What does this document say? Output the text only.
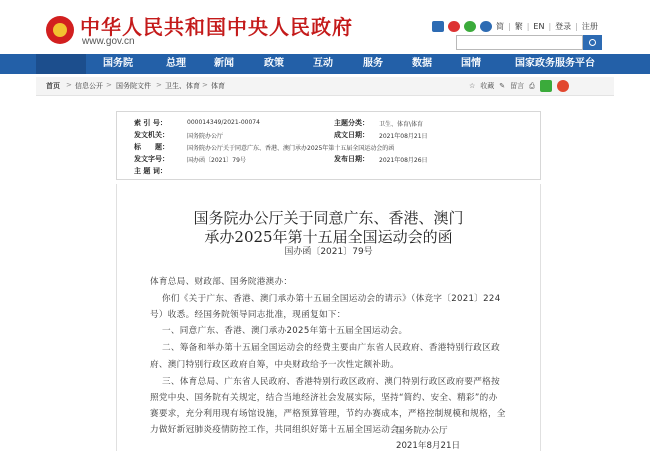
中华人民共和国中央人民政府
www.gov.cn
简 | 繁 | EN | 登录 | 注册
国务院	总理	新闻	政策	互动	服务	数据	国情	国家政务服务平台
首页 > 信息公开 > 国务院文件 > 卫生、体育 > 体育	☆ 收藏 ✎ 留言 ⎙
索 引 号：	000014349/2021-00074	主题分类： 卫生、体育\体育
发文机关：	国务院办公厅	成文日期： 2021年08月21日
标　　题：	国务院办公厅关于同意广东、香港、澳门承办2025年第十五届全国运动会的函
发文字号：	国办函〔2021〕79号	发布日期： 2021年08月26日
主 题 词：
国务院办公厅关于同意广东、香港、澳门
承办2025年第十五届全国运动会的函
国办函〔2021〕79号
体育总局、财政部、国务院港澳办：
你们《关于广东、香港、澳门承办第十五届全国运动会的请示》（体竞字〔2021〕224
号）收悉。经国务院领导同志批准，现函复如下：
一、同意广东、香港、澳门承办2025年第十五届全国运动会。
二、筹备和举办第十五届全国运动会的经费主要由广东省人民政府、香港特别行政区政
府、澳门特别行政区政府自筹，中央财政给予一次性定额补助。
三、体育总局、广东省人民政府、香港特别行政区政府、澳门特别行政区政府要严格按
照党中央、国务院有关规定，结合当地经济社会发展实际，坚持“简约、安全、精彩”的办
赛要求，充分利用现有场馆设施，严格预算管理，节约办赛成本，严格控制规模和规格，全
力做好新冠肺炎疫情防控工作，共同组织好第十五届全国运动会。
国务院办公厅
2021年8月21日
